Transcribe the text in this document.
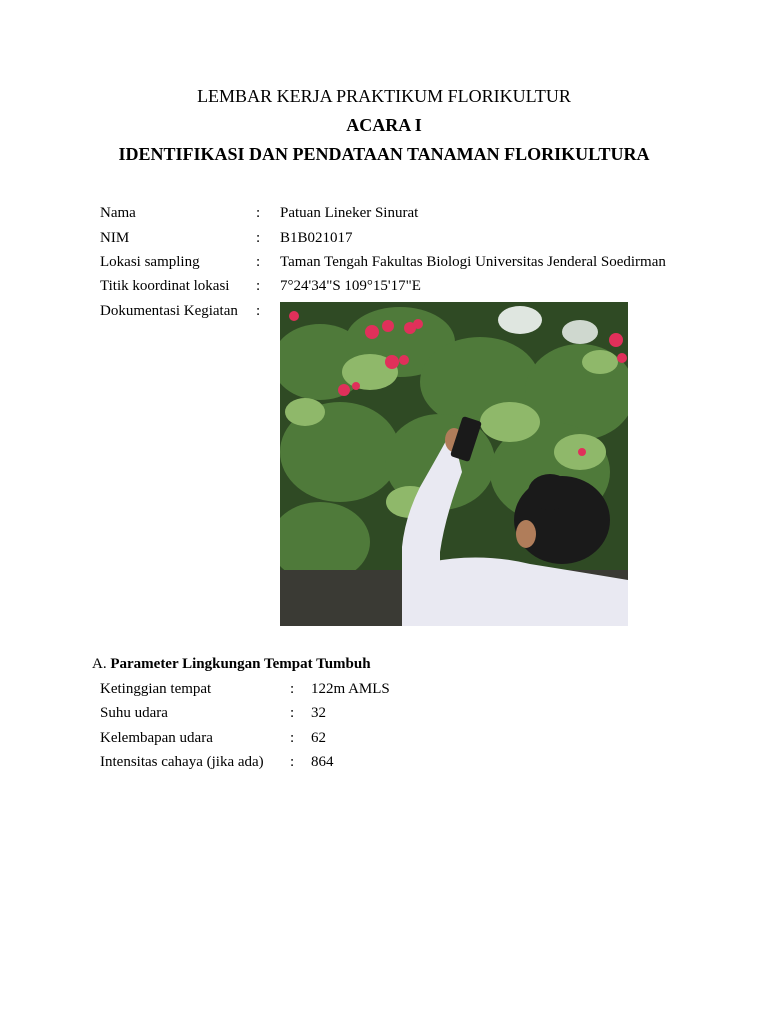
LEMBAR KERJA PRAKTIKUM FLORIKULTUR
ACARA I
IDENTIFIKASI DAN PENDATAAN TANAMAN FLORIKULTURA
Nama	: Patuan Lineker Sinurat
NIM	: B1B021017
Lokasi sampling	: Taman Tengah Fakultas Biologi Universitas Jenderal Soedirman
Titik koordinat lokasi : 7°24'34"S 109°15'17"E
Dokumentasi Kegiatan :
A. Parameter Lingkungan Tempat Tumbuh
Ketinggian tempat	: 122m AMLS
Suhu udara	: 32
Kelembapan udara	: 62
Intensitas cahaya (jika ada) : 864
